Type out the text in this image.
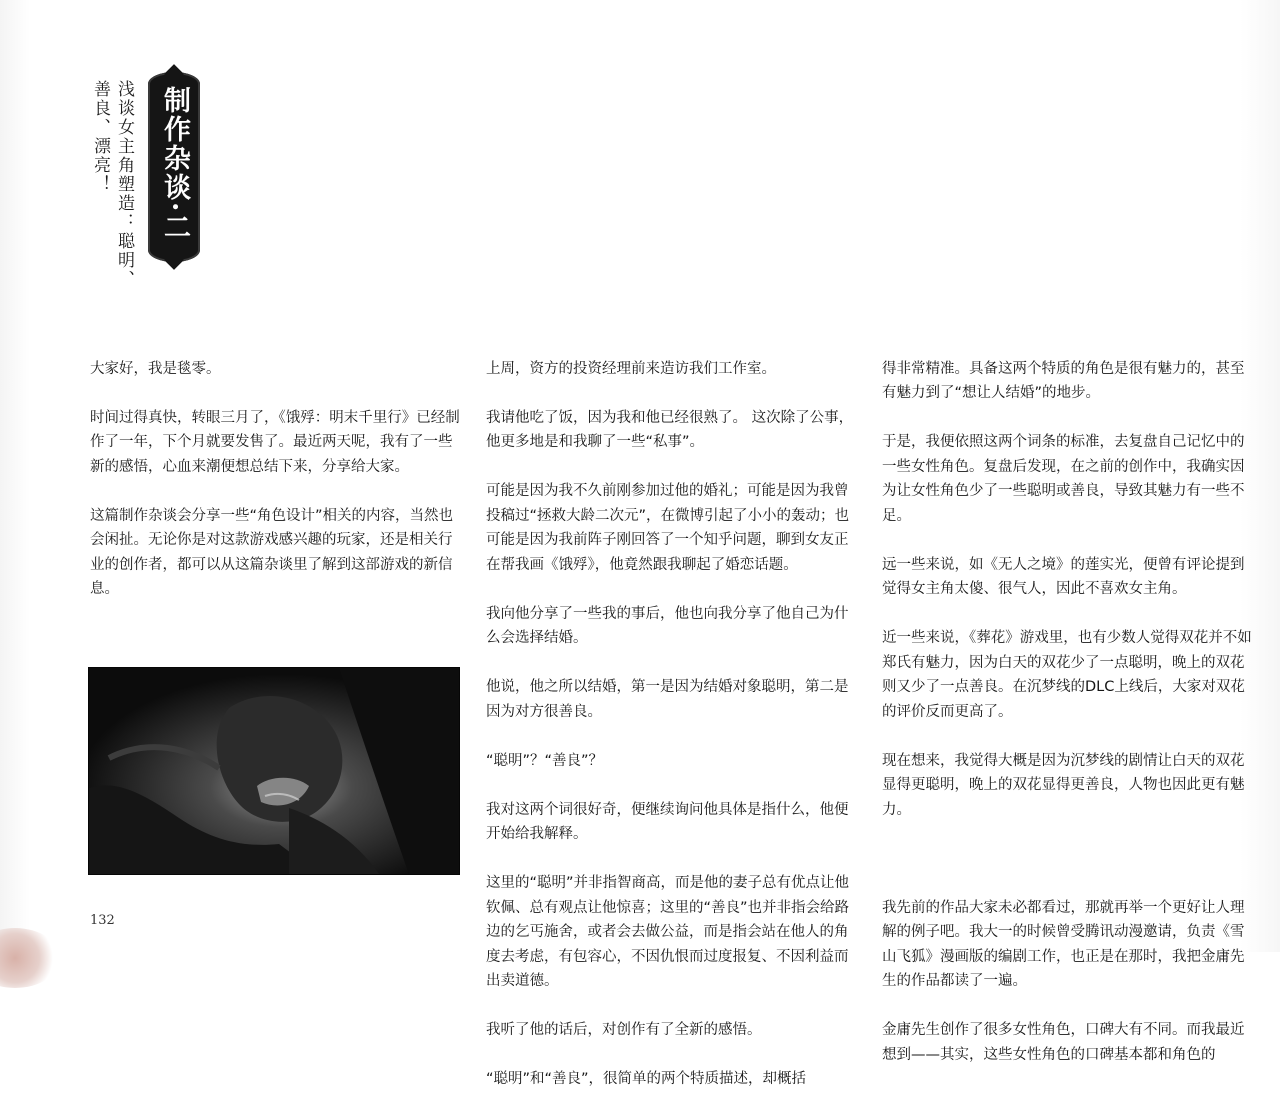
制作杂谈·二
浅谈女主角塑造：聪明、
善良、漂亮！

大家好，我是毯零。

时间过得真快，转眼三月了，《饿殍：明末千里行》已经制作了一年，下个月就要发售了。最近两天呢，我有了一些新的感悟，心血来潮便想总结下来，分享给大家。

这篇制作杂谈会分享一些“角色设计”相关的内容，当然也会闲扯。无论你是对这款游戏感兴趣的玩家，还是相关行业的创作者，都可以从这篇杂谈里了解到这部游戏的新信息。

上周，资方的投资经理前来造访我们工作室。

我请他吃了饭，因为我和他已经很熟了。 这次除了公事，他更多地是和我聊了一些“私事”。

可能是因为我不久前刚参加过他的婚礼；可能是因为我曾投稿过“拯救大龄二次元”，在微博引起了小小的轰动；也可能是因为我前阵子刚回答了一个知乎问题，聊到女友正在帮我画《饿殍》，他竟然跟我聊起了婚恋话题。

我向他分享了一些我的事后，他也向我分享了他自己为什么会选择结婚。

他说，他之所以结婚，第一是因为结婚对象聪明，第二是因为对方很善良。

“聪明”？“善良”？

我对这两个词很好奇，便继续询问他具体是指什么，他便开始给我解释。

这里的“聪明”并非指智商高，而是他的妻子总有优点让他钦佩、总有观点让他惊喜；这里的“善良”也并非指会给路边的乞丐施舍，或者会去做公益，而是指会站在他人的角度去考虑，有包容心，不因仇恨而过度报复、不因利益而出卖道德。

我听了他的话后，对创作有了全新的感悟。

“聪明”和“善良”，很简单的两个特质描述，却概括

得非常精准。具备这两个特质的角色是很有魅力的，甚至有魅力到了“想让人结婚”的地步。

于是，我便依照这两个词条的标准，去复盘自己记忆中的一些女性角色。复盘后发现，在之前的创作中，我确实因为让女性角色少了一些聪明或善良，导致其魅力有一些不足。

远一些来说，如《无人之境》的莲实光，便曾有评论提到觉得女主角太傻、很气人，因此不喜欢女主角。

近一些来说，《葬花》游戏里，也有少数人觉得双花并不如郑氏有魅力，因为白天的双花少了一点聪明，晚上的双花则又少了一点善良。在沉梦线的DLC上线后，大家对双花的评价反而更高了。

现在想来，我觉得大概是因为沉梦线的剧情让白天的双花显得更聪明，晚上的双花显得更善良，人物也因此更有魅力。

我先前的作品大家未必都看过，那就再举一个更好让人理解的例子吧。我大一的时候曾受腾讯动漫邀请，负责《雪山飞狐》漫画版的编剧工作，也正是在那时，我把金庸先生的作品都读了一遍。

金庸先生创作了很多女性角色，口碑大有不同。而我最近想到——其实，这些女性角色的口碑基本都和角色的

132
